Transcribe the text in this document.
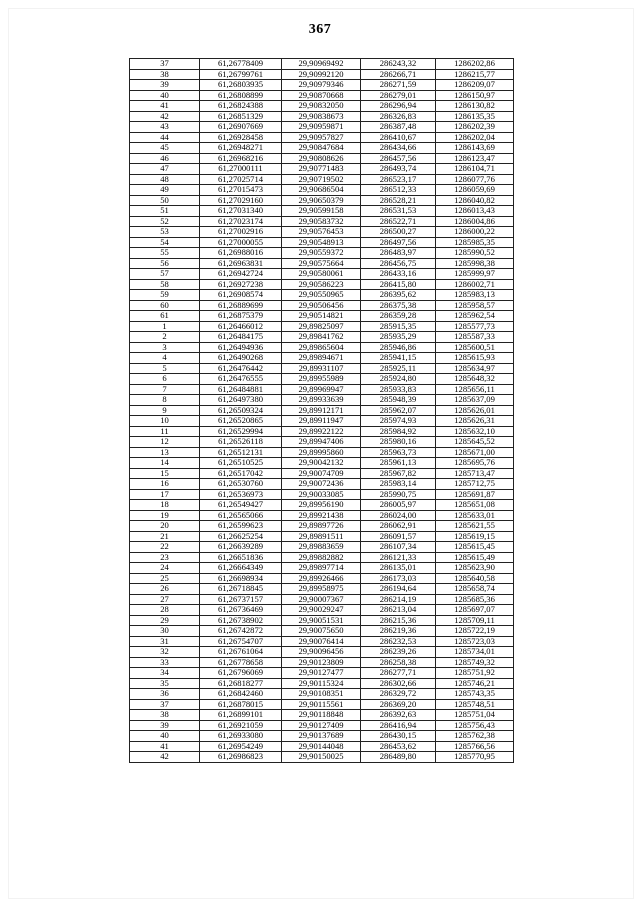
367
37	61,26778409	29,90969492	286243,32	1286202,86
38	61,26799761	29,90992120	286266,71	1286215,77
39	61,26803935	29,90979346	286271,59	1286209,07
40	61,26808899	29,90870668	286279,01	1286150,97
41	61,26824388	29,90832050	286296,94	1286130,82
42	61,26851329	29,90838673	286326,83	1286135,35
43	61,26907669	29,90959871	286387,48	1286202,39
44	61,26928458	29,90957827	286410,67	1286202,04
45	61,26948271	29,90847684	286434,66	1286143,69
46	61,26968216	29,90808626	286457,56	1286123,47
47	61,27000111	29,90771483	286493,74	1286104,71
48	61,27025714	29,90719502	286523,17	1286077,76
49	61,27015473	29,90686504	286512,33	1286059,69
50	61,27029160	29,90650379	286528,21	1286040,82
51	61,27031340	29,90599158	286531,53	1286013,43
52	61,27023174	29,90583732	286522,71	1286004,86
53	61,27002916	29,90576453	286500,27	1286000,22
54	61,27000055	29,90548913	286497,56	1285985,35
55	61,26988016	29,90559372	286483,97	1285990,52
56	61,26963831	29,90575664	286456,75	1285998,38
57	61,26942724	29,90580061	286433,16	1285999,97
58	61,26927238	29,90586223	286415,80	1286002,71
59	61,26908574	29,90550965	286395,62	1285983,13
60	61,26889699	29,90506456	286375,38	1285958,57
61	61,26875379	29,90514821	286359,28	1285962,54
1	61,26466012	29,89825097	285915,35	1285577,73
2	61,26484175	29,89841762	285935,29	1285587,33
3	61,26494936	29,89865604	285946,86	1285600,51
4	61,26490268	29,89894671	285941,15	1285615,93
5	61,26476442	29,89931107	285925,11	1285634,97
6	61,26476555	29,89955989	285924,80	1285648,32
7	61,26484881	29,89969947	285933,83	1285656,11
8	61,26497380	29,89933639	285948,39	1285637,09
9	61,26509324	29,89912171	285962,07	1285626,01
10	61,26520865	29,89911947	285974,93	1285626,31
11	61,26529994	29,89922122	285984,92	1285632,10
12	61,26526118	29,89947406	285980,16	1285645,52
13	61,26512131	29,89995860	285963,73	1285671,00
14	61,26510525	29,90042132	285961,13	1285695,76
15	61,26517042	29,90074709	285967,82	1285713,47
16	61,26530760	29,90072436	285983,14	1285712,75
17	61,26536973	29,90033085	285990,75	1285691,87
18	61,26549427	29,89956190	286005,97	1285651,08
19	61,26565066	29,89921438	286024,00	1285633,01
20	61,26599623	29,89897726	286062,91	1285621,55
21	61,26625254	29,89891511	286091,57	1285619,15
22	61,26639289	29,89883659	286107,34	1285615,45
23	61,26651836	29,89882882	286121,33	1285615,49
24	61,26664349	29,89897714	286135,01	1285623,90
25	61,26698934	29,89926466	286173,03	1285640,58
26	61,26718845	29,89958975	286194,64	1285658,74
27	61,26737157	29,90007367	286214,19	1285685,36
28	61,26736469	29,90029247	286213,04	1285697,07
29	61,26738902	29,90051531	286215,36	1285709,11
30	61,26742872	29,90075650	286219,36	1285722,19
31	61,26754707	29,90076414	286232,53	1285723,03
32	61,26761064	29,90096456	286239,26	1285734,01
33	61,26778658	29,90123809	286258,38	1285749,32
34	61,26796069	29,90127477	286277,71	1285751,92
35	61,26818277	29,90115324	286302,66	1285746,21
36	61,26842460	29,90108351	286329,72	1285743,35
37	61,26878015	29,90115561	286369,20	1285748,51
38	61,26899101	29,90118848	286392,63	1285751,04
39	61,26921059	29,90127409	286416,94	1285756,43
40	61,26933080	29,90137689	286430,15	1285762,38
41	61,26954249	29,90144048	286453,62	1285766,56
42	61,26986823	29,90150025	286489,80	1285770,95
